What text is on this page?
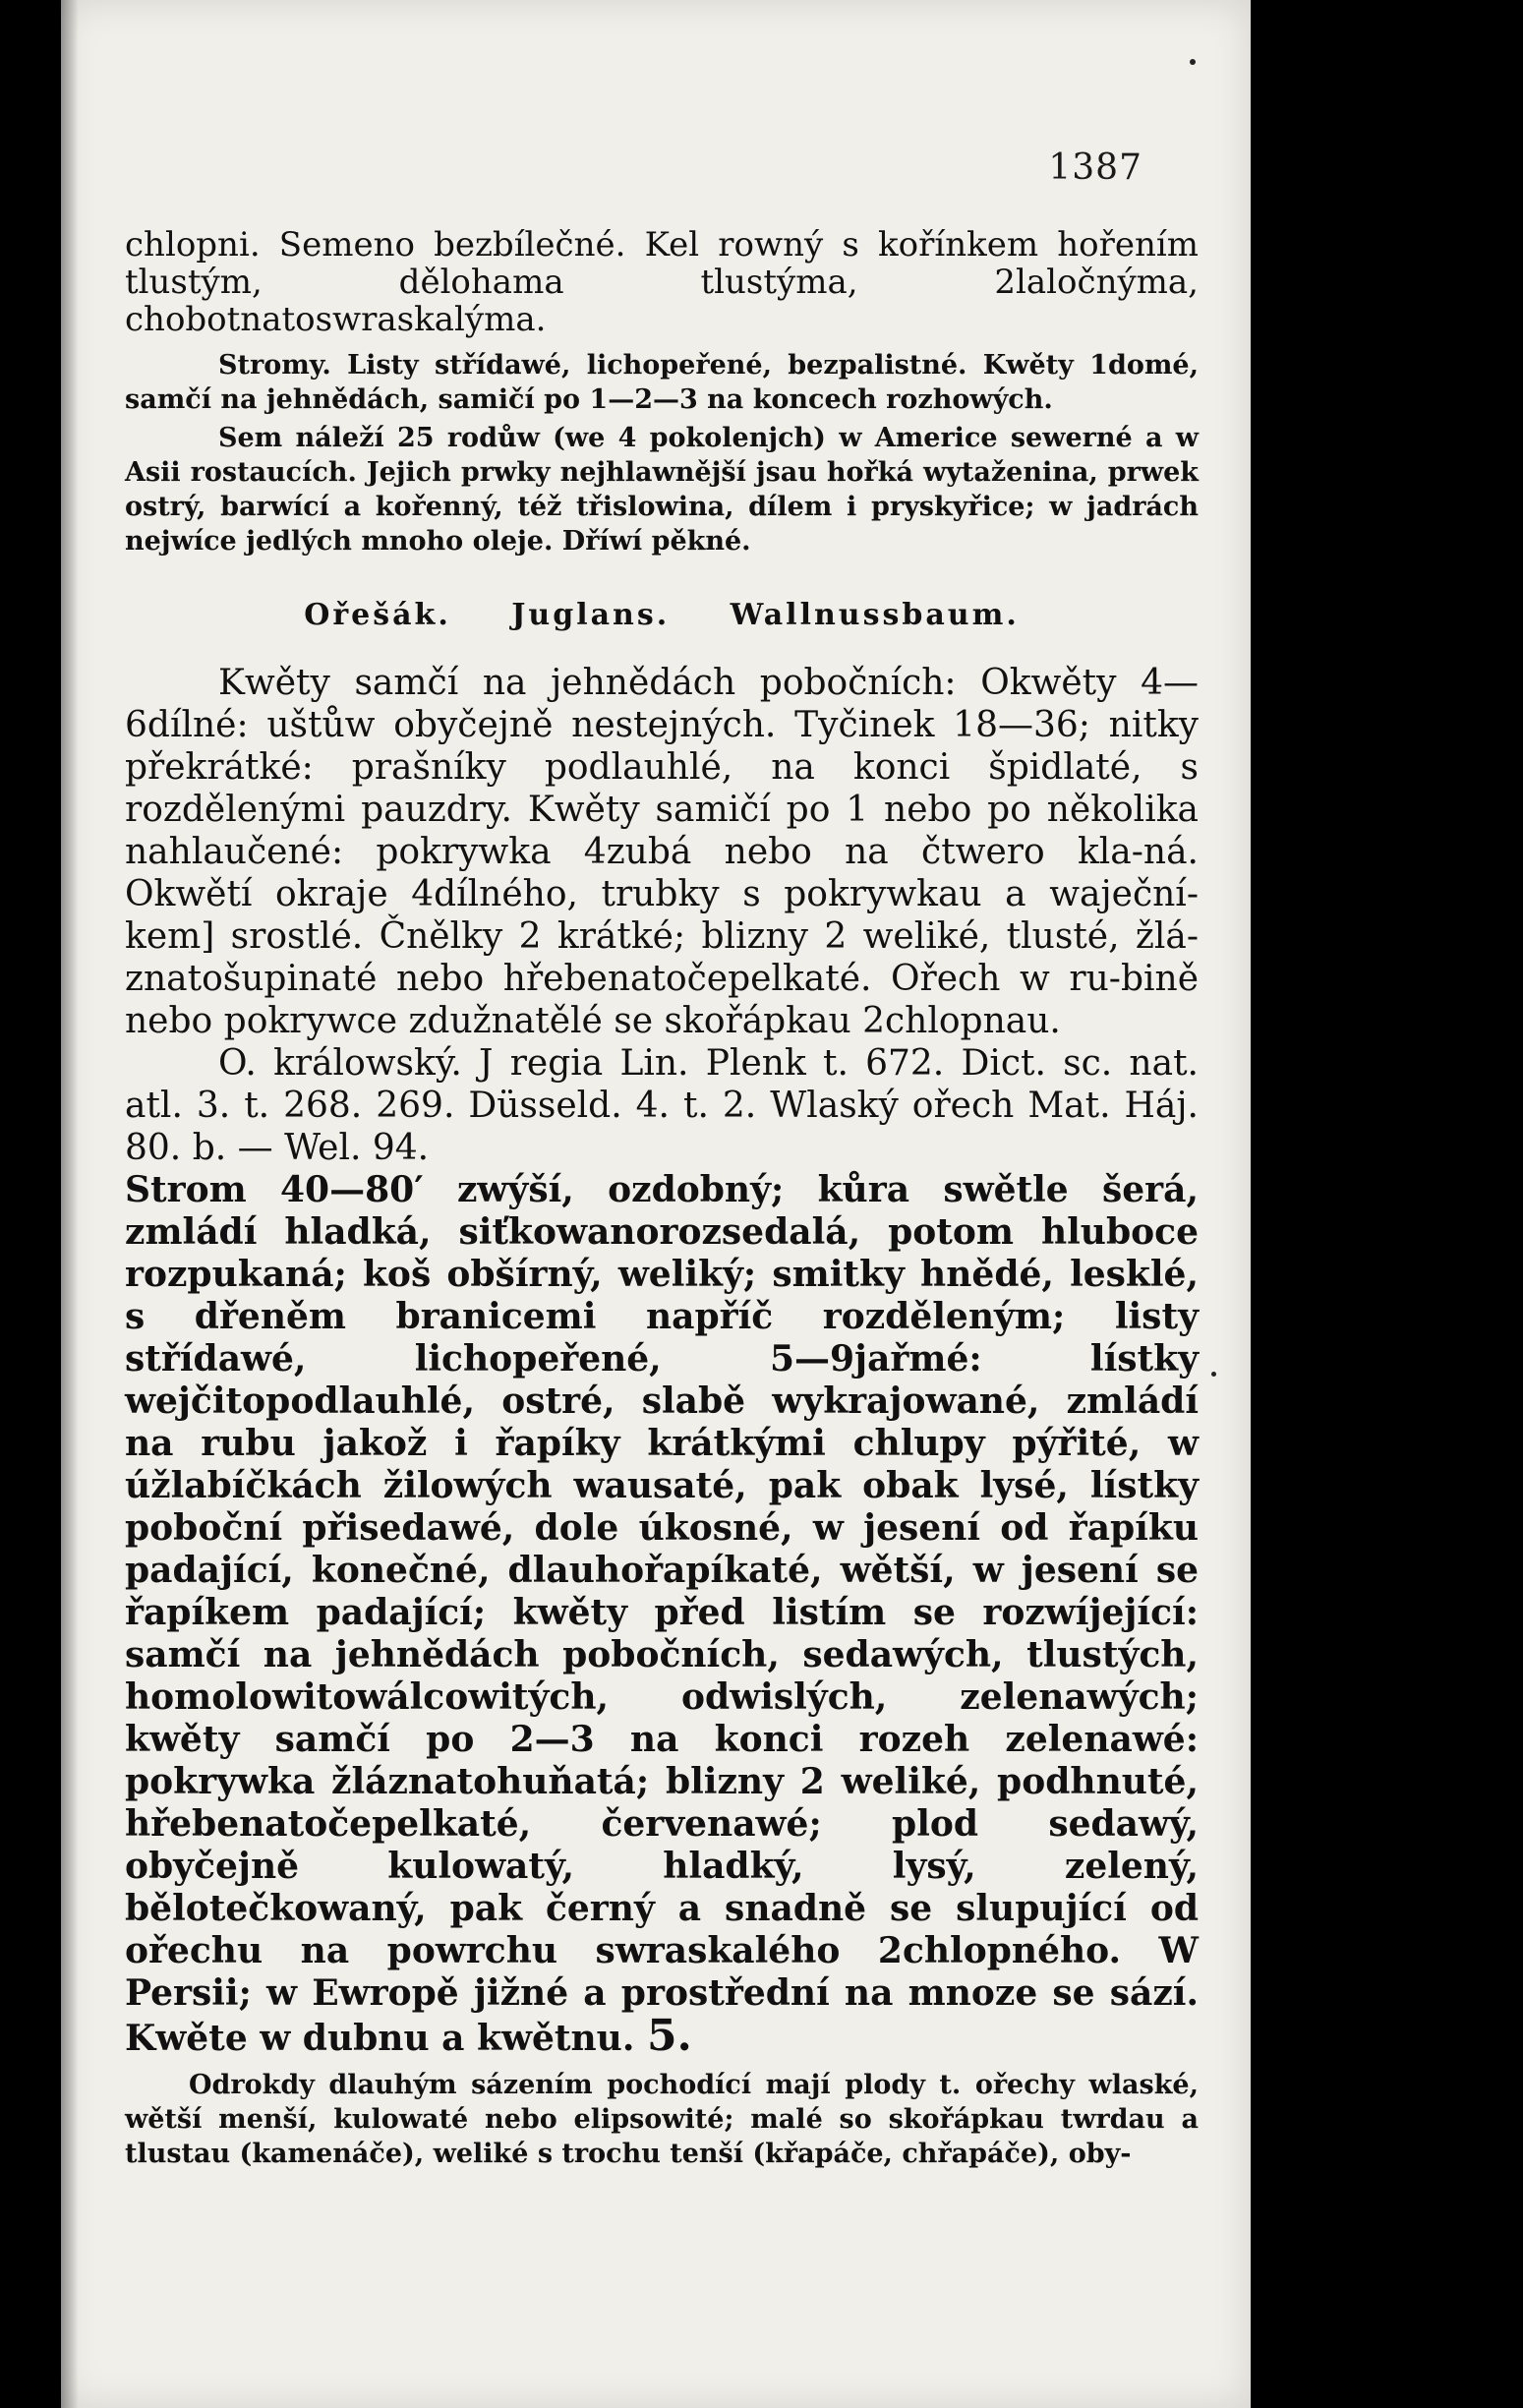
1387

chlopni. Semeno bezbílečné. Kel rowný s kořínkem hořením tlustým, dělohama tlustýma, 2laločnýma, chobotnatoswraskalýma.

Stromy. Listy střídawé, lichopeřené, bezpalistné. Kwěty 1domé, samčí na jehnědách, samičí po 1—2—3 na koncech rozhowých.

Sem náleží 25 rodůw (we 4 pokolenjch) w Americe sewerné a w Asii rostaucích. Jejich prwky nejhlawnější jsau hořká wytaženina, prwek ostrý, barwící a kořenný, též třislowina, dílem i pryskyřice; w jadrách nejwíce jedlých mnoho oleje. Dříwí pěkné.

Ořešák. Juglans. Wallnussbaum.

Kwěty samčí na jehnědách pobočních: Okwěty 4—6dílné: uštůw obyčejně nestejných. Tyčinek 18—36; nitky překrátké: prašníky podlauhlé, na konci špidlaté, s rozdělenými pauzdry. Kwěty samičí po 1 nebo po několika nahlaučené: pokrywka 4zubá nebo na čtwero kla-ná. Okwětí okraje 4dílného, trubky s pokrywkau a waječní-kem] srostlé. Čnělky 2 krátké; blizny 2 weliké, tlusté, žlá-znatošupinaté nebo hřebenatočepelkaté. Ořech w ru-bině nebo pokrywce zdužnatělé se skořápkau 2chlopnau.

O. králowský. J regia Lin. Plenk t. 672. Dict. sc. nat. atl. 3. t. 268. 269. Düsseld. 4. t. 2. Wlaský ořech Mat. Háj. 80. b. — Wel. 94.

Strom 40—80′ zwýší, ozdobný; kůra swětle šerá, zmládí hladká, siťkowanorozsedalá, potom hluboce rozpukaná; koš obšírný, weliký; smitky hnědé, lesklé, s dřeněm branicemi napříč rozděleným; listy střídawé, lichopeřené, 5—9jařmé: lístky wejčitopodlauhlé, ostré, slabě wykrajowané, zmládí na rubu jakož i řapíky krátkými chlupy pýřité, w úžlabíčkách žilowých wausaté, pak obak lysé, lístky poboční přisedawé, dole úkosné, w jesení od řapíku padající, konečné, dlauhořapíkaté, wětší, w jesení se řapíkem padající; kwěty před listím se rozwíjející: samčí na jehnědách pobočních, sedawých, tlustých, homolowitowálcowitých, odwislých, zelenawých; kwěty samčí po 2—3 na konci rozeh zelenawé: pokrywka žláznatohuňatá; blizny 2 weliké, podhnuté, hřebenatočepelkaté, červenawé; plod sedawý, obyčejně kulowatý, hladký, lysý, zelený, bělotečkowaný, pak černý a snadně se slupující od ořechu na powrchu swraskalého 2chlopného. W Persii; w Ewropě jižné a prostřední na mnoze se sází. Kwěte w dubnu a kwětnu. 5.

Odrokdy dlauhým sázením pochodící mají plody t. ořechy wlaské, wětší menší, kulowaté nebo elipsowité; malé so skořápkau twrdau a tlustau (kamenáče), weliké s trochu tenší (křapáče, chřapáče), oby-
